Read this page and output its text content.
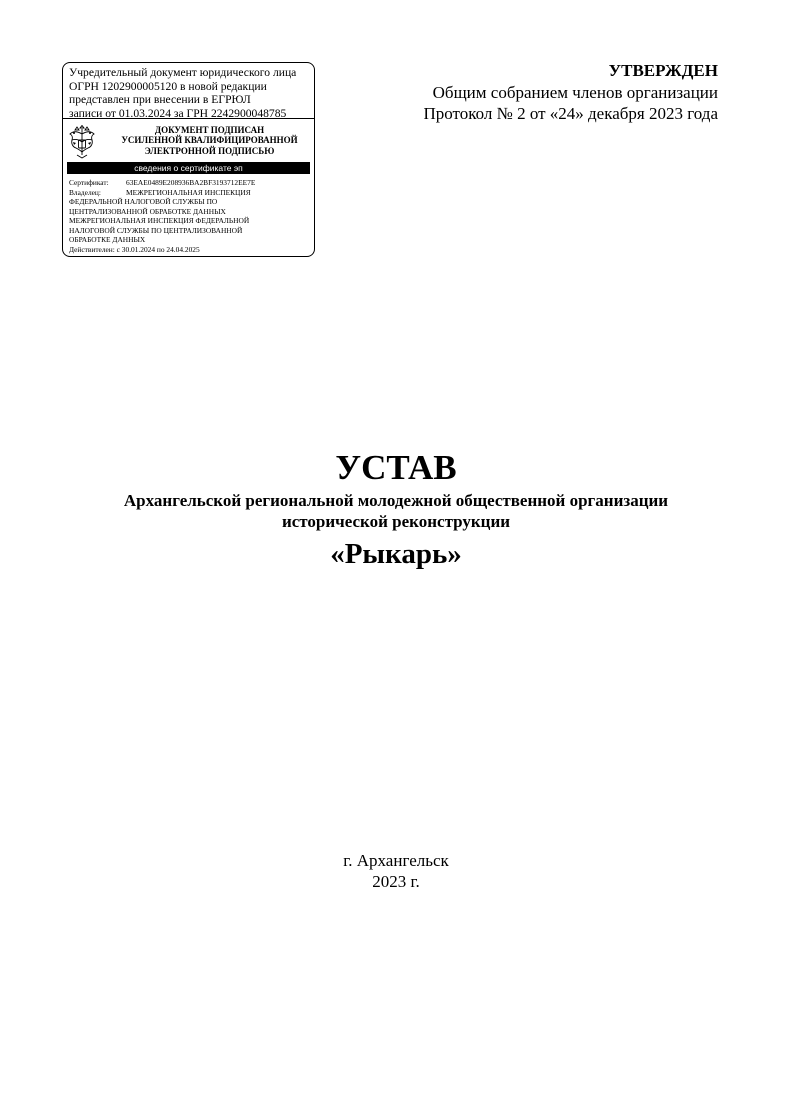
Учредительный документ юридического лица
ОГРН 1202900005120 в новой редакции
представлен при внесении в ЕГРЮЛ
записи от 01.03.2024 за ГРН 2242900048785
ДОКУМЕНТ ПОДПИСАН
УСИЛЕННОЙ КВАЛИФИЦИРОВАННОЙ
ЭЛЕКТРОННОЙ ПОДПИСЬЮ
сведения о сертификате эп
Сертификат: 63EAE0489E208936BA2BF3193712EE7E
Владелец:	МЕЖРЕГИОНАЛЬНАЯ ИНСПЕКЦИЯ
ФЕДЕРАЛЬНОЙ НАЛОГОВОЙ СЛУЖБЫ ПО
ЦЕНТРАЛИЗОВАННОЙ ОБРАБОТКЕ ДАННЫХ
МЕЖРЕГИОНАЛЬНАЯ ИНСПЕКЦИЯ ФЕДЕРАЛЬНОЙ
НАЛОГОВОЙ СЛУЖБЫ ПО ЦЕНТРАЛИЗОВАННОЙ
ОБРАБОТКЕ ДАННЫХ
Действителен: с 30.01.2024 по 24.04.2025
УТВЕРЖДЕН
Общим собранием членов организации
Протокол № 2 от «24» декабря 2023 года
УСТАВ
Архангельской региональной молодежной общественной организации
исторической реконструкции
«Рыкарь»
г. Архангельск
2023 г.
